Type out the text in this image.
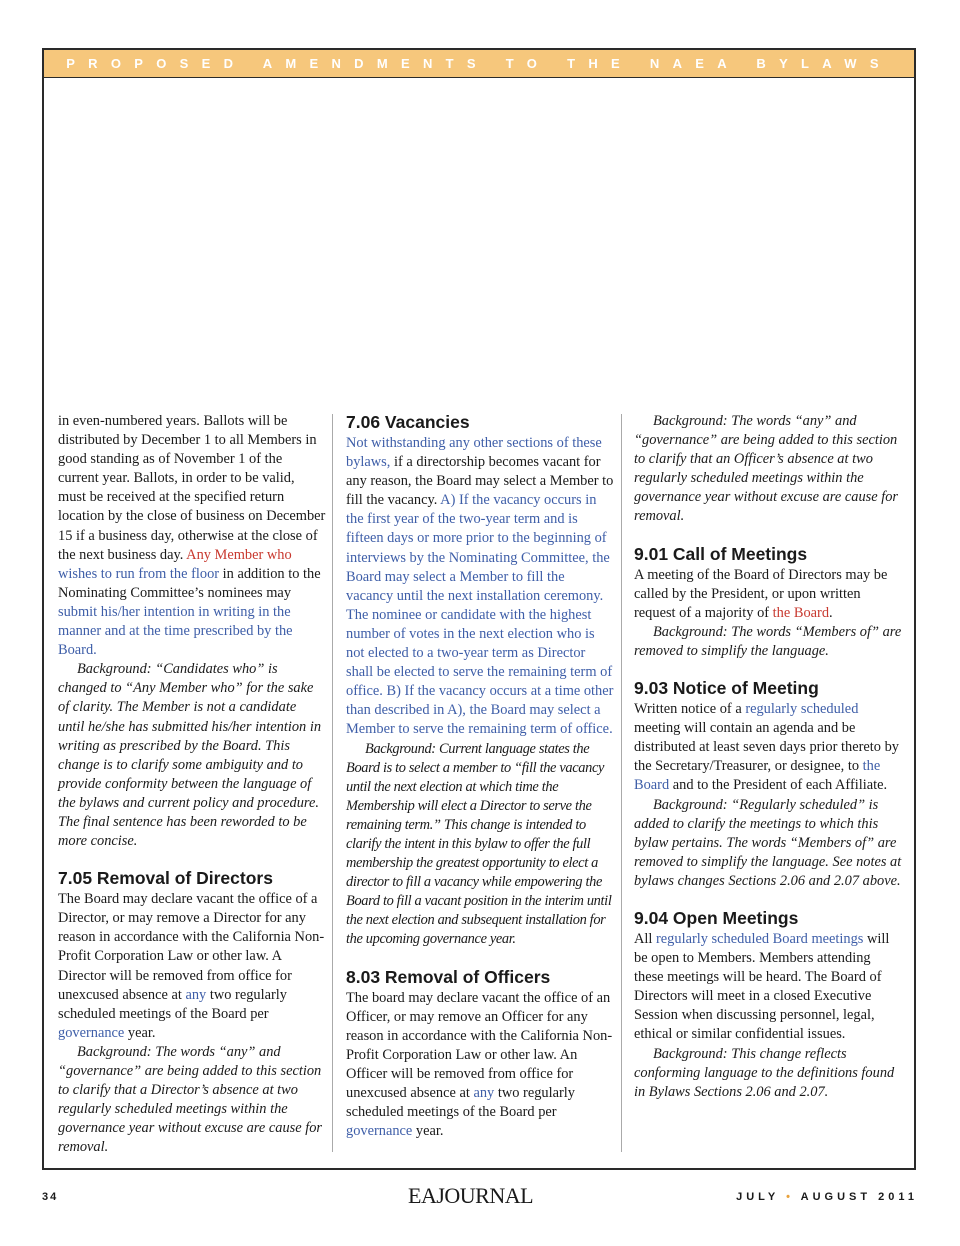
PROPOSED AMENDMENTS TO THE NAEA BYLAWS

in even-numbered years. Ballots will be distributed by December 1 to all Members in good standing as of November 1 of the current year. Ballots, in order to be valid, must be received at the specified return location by the close of business on December 15 if a business day, otherwise at the close of the next business day. Any Member who wishes to run from the floor in addition to the Nominating Committee’s nominees may submit his/her intention in writing in the manner and at the time prescribed by the Board.

Background: “Candidates who” is changed to “Any Member who” for the sake of clarity. The Member is not a candidate until he/she has submitted his/her intention in writing as prescribed by the Board. This change is to clarify some ambiguity and to provide conformity between the language of the bylaws and current policy and procedure. The final sentence has been reworded to be more concise.

7.05 Removal of Directors

The Board may declare vacant the office of a Director, or may remove a Director for any reason in accordance with the California Non-Profit Corporation Law or other law. A Director will be removed from office for unexcused absence at any two regularly scheduled meetings of the Board per governance year.

Background: The words “any” and “governance” are being added to this section to clarify that a Director’s absence at two regularly scheduled meetings within the governance year without excuse are cause for removal.

7.06 Vacancies

Not withstanding any other sections of these bylaws, if a directorship becomes vacant for any reason, the Board may select a Member to fill the vacancy. A) If the vacancy occurs in the first year of the two-year term and is fifteen days or more prior to the beginning of interviews by the Nominating Committee, the Board may select a Member to fill the vacancy until the next installation ceremony. The nominee or candidate with the highest number of votes in the next election who is not elected to a two-year term as Director shall be elected to serve the remaining term of office. B) If the vacancy occurs at a time other than described in A), the Board may select a Member to serve the remaining term of office.

Background: Current language states the Board is to select a member to “fill the vacancy until the next election at which time the Membership will elect a Director to serve the remaining term.” This change is intended to clarify the intent in this bylaw to offer the full membership the greatest opportunity to elect a director to fill a vacancy while empowering the Board to fill a vacant position in the interim until the next election and subsequent installation for the upcoming governance year.

8.03 Removal of Officers

The board may declare vacant the office of an Officer, or may remove an Officer for any reason in accordance with the California Non-Profit Corporation Law or other law. An Officer will be removed from office for unexcused absence at any two regularly scheduled meetings of the Board per governance year.

Background: The words “any” and “governance” are being added to this section to clarify that an Officer’s absence at two regularly scheduled meetings within the governance year without excuse are cause for removal.

9.01 Call of Meetings

A meeting of the Board of Directors may be called by the President, or upon written request of a majority of the Board.

Background: The words “Members of” are removed to simplify the language.

9.03 Notice of Meeting

Written notice of a regularly scheduled meeting will contain an agenda and be distributed at least seven days prior thereto by the Secretary/Treasurer, or designee, to the Board and to the President of each Affiliate.

Background: “Regularly scheduled” is added to clarify the meetings to which this bylaw pertains. The words “Members of” are removed to simplify the language. See notes at bylaws changes Sections 2.06 and 2.07 above.

9.04 Open Meetings

All regularly scheduled Board meetings will be open to Members. Members attending these meetings will be heard. The Board of Directors will meet in a closed Executive Session when discussing personnel, legal, ethical or similar confidential issues.

Background: This change reflects conforming language to the definitions found in Bylaws Sections 2.06 and 2.07.

34	EAJOURNAL	JULY • AUGUST 2011
